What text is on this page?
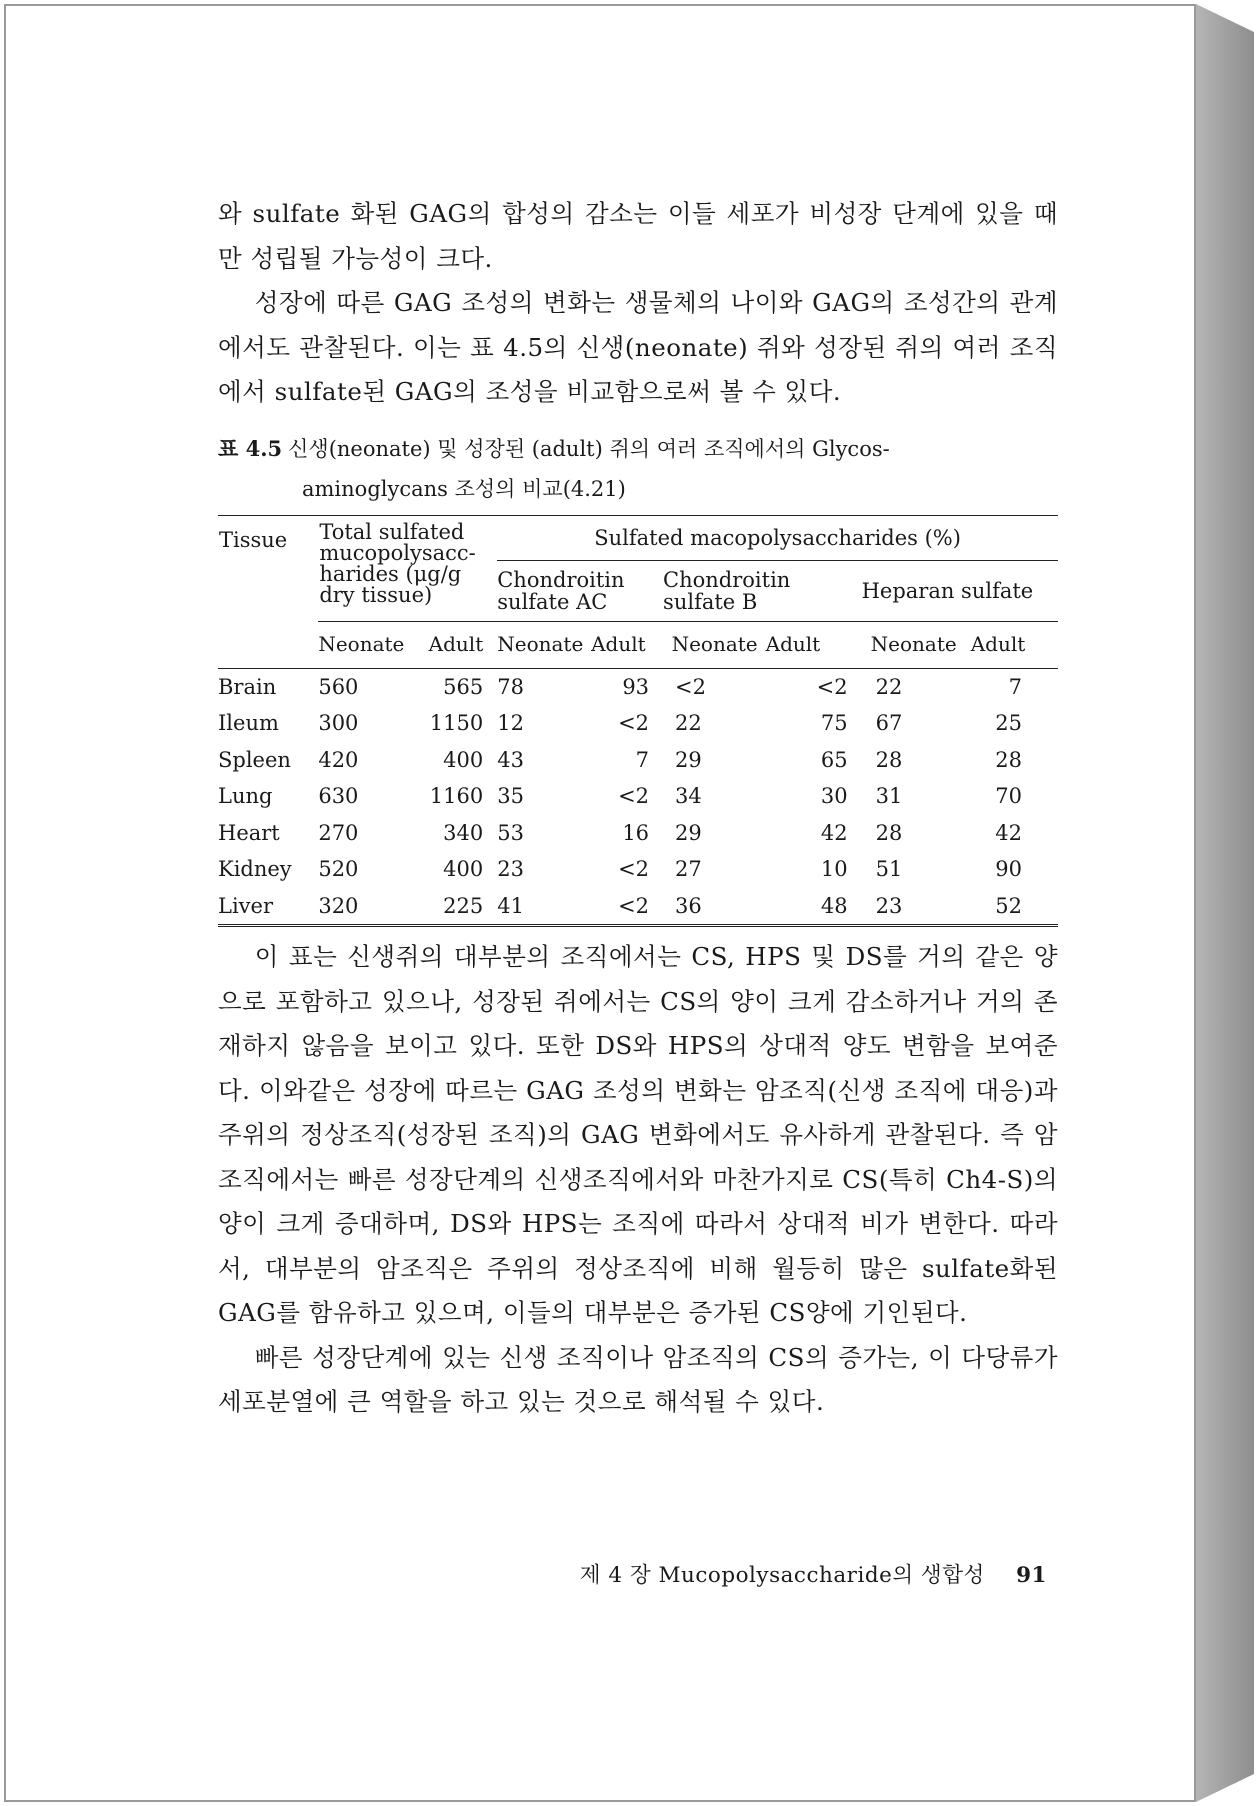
와 sulfate 화된 GAG의 합성의 감소는 이들 세포가 비성장 단계에 있을 때만 성립될 가능성이 크다.

성장에 따른 GAG 조성의 변화는 생물체의 나이와 GAG의 조성간의 관계에서도 관찰된다. 이는 표 4.5의 신생(neonate) 쥐와 성장된 쥐의 여러 조직에서 sulfate된 GAG의 조성을 비교함으로써 볼 수 있다.

표 4.5 신생(neonate) 및 성장된 (adult) 쥐의 여러 조직에서의 Glycos-
aminoglycans 조성의 비교(4.21)
Tissue	Total sulfated mucopolysacc- harides (μg/g dry tissue)		Sulfated macopolysaccharides (%)					
			Chondroitin sulfate AC		Chondroitin sulfate B		Heparan sulfate	
	Neonate	Adult	Neonate	Adult	Neonate	Adult	Neonate	Adult
Brain	560	565	78	93	<2	<2	22	7
Ileum	300	1150	12	<2	22	75	67	25
Spleen	420	400	43	7	29	65	28	28
Lung	630	1160	35	<2	34	30	31	70
Heart	270	340	53	16	29	42	28	42
Kidney	520	400	23	<2	27	10	51	90
Liver	320	225	41	<2	36	48	23	52

이 표는 신생쥐의 대부분의 조직에서는 CS, HPS 및 DS를 거의 같은 양으로 포함하고 있으나, 성장된 쥐에서는 CS의 양이 크게 감소하거나 거의 존재하지 않음을 보이고 있다. 또한 DS와 HPS의 상대적 양도 변함을 보여준다. 이와같은 성장에 따르는 GAG 조성의 변화는 암조직(신생 조직에 대응)과 주위의 정상조직(성장된 조직)의 GAG 변화에서도 유사하게 관찰된다. 즉 암조직에서는 빠른 성장단계의 신생조직에서와 마찬가지로 CS(특히 Ch4-S)의 양이 크게 증대하며, DS와 HPS는 조직에 따라서 상대적 비가 변한다. 따라서, 대부분의 암조직은 주위의 정상조직에 비해 월등히 많은 sulfate화된 GAG를 함유하고 있으며, 이들의 대부분은 증가된 CS양에 기인된다.

빠른 성장단계에 있는 신생 조직이나 암조직의 CS의 증가는, 이 다당류가 세포분열에 큰 역할을 하고 있는 것으로 해석될 수 있다.

제 4 장 Mucopolysaccharide의 생합성 91
